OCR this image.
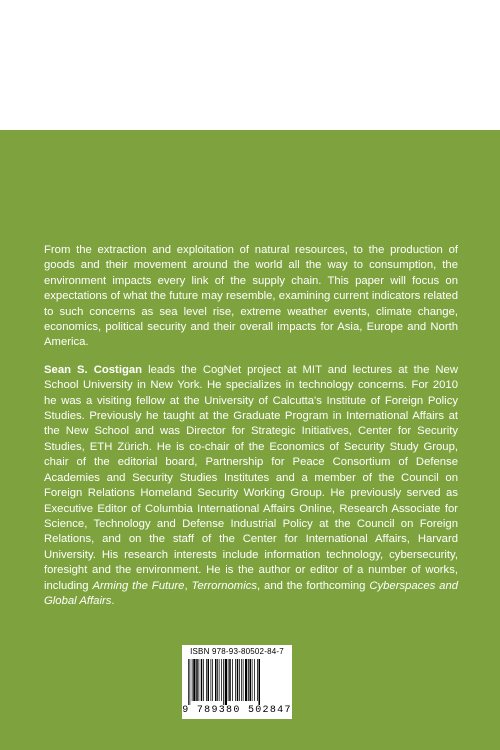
From the extraction and exploitation of natural resources, to the production of goods and their movement around the world all the way to consumption, the environment impacts every link of the supply chain. This paper will focus on expectations of what the future may resemble, examining current indicators related to such concerns as sea level rise, extreme weather events, climate change, economics, political security and their overall impacts for Asia, Europe and North America.

Sean S. Costigan leads the CogNet project at MIT and lectures at the New School University in New York. He specializes in technology concerns. For 2010 he was a visiting fellow at the University of Calcutta's Institute of Foreign Policy Studies. Previously he taught at the Graduate Program in International Affairs at the New School and was Director for Strategic Initiatives, Center for Security Studies, ETH Zürich. He is co-chair of the Economics of Security Study Group, chair of the editorial board, Partnership for Peace Consortium of Defense Academies and Security Studies Institutes and a member of the Council on Foreign Relations Homeland Security Working Group. He previously served as Executive Editor of Columbia International Affairs Online, Research Associate for Science, Technology and Defense Industrial Policy at the Council on Foreign Relations, and on the staff of the Center for International Affairs, Harvard University. His research interests include information technology, cybersecurity, foresight and the environment. He is the author or editor of a number of works, including Arming the Future, Terrornomics, and the forthcoming Cyberspaces and Global Affairs.

ISBN 978-93-80502-84-7
9 789380 502847
